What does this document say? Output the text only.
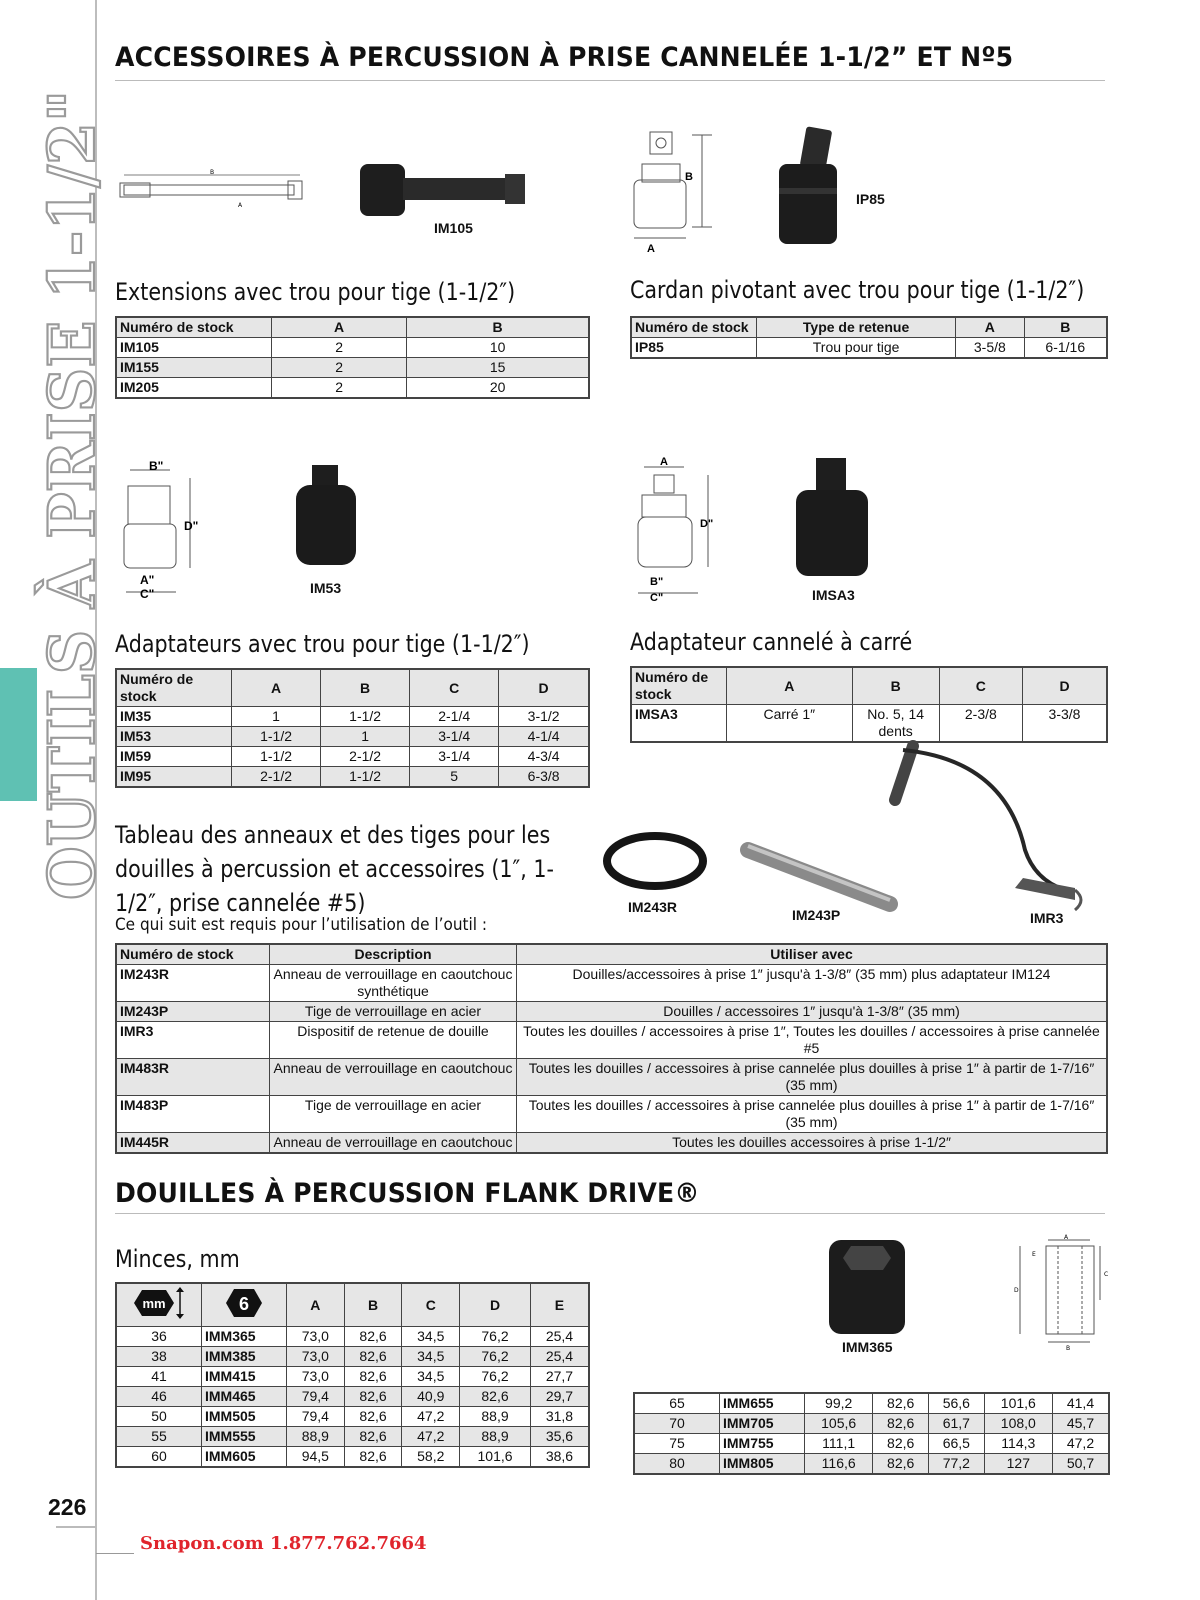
OUTILS À PRISE 1-1/2"
ACCESSOIRES À PERCUSSION À PRISE CANNELÉE 1-1/2” ET Nº5
B
A
IM105
B
A
IP85
Extensions avec trou pour tige (1-1/2″)
Numéro de stock	A	B
IM105	2	10
IM155	2	15
IM205	2	20
Cardan pivotant avec trou pour tige (1-1/2″)
Numéro de stock	Type de retenue	A	B
IP85	Trou pour tige	3-5/8	6-1/16
B"
D"
A"
C"	IM53
A
D"
B"
C"	IMSA3
Adaptateurs avec trou pour tige (1-1/2″)
Numéro de stock	A	B	C	D
IM35	1	1-1/2	2-1/4	3-1/2
IM53	1-1/2	1	3-1/4	4-1/4
IM59	1-1/2	2-1/2	3-1/4	4-3/4
IM95	2-1/2	1-1/2	5	6-3/8
Adaptateur cannelé à carré
Numéro de stock	A	B	C	D
IMSA3	Carré 1″	No. 5, 14 dents	2-3/8	3-3/8
Tableau des anneaux et des tiges pour les douilles à percussion et accessoires (1″, 1-1/2″, prise cannelée #5)
Ce qui suit est requis pour l’utilisation de l’outil :
IM243R	IM243P	IMR3
Numéro de stock	Description	Utiliser avec
IM243R	Anneau de verrouillage en caoutchouc synthétique	Douilles/accessoires à prise 1″ jusqu'à 1-3/8″ (35 mm) plus adaptateur IM124
IM243P	Tige de verrouillage en acier	Douilles / accessoires 1″ jusqu'à 1-3/8″ (35 mm)
IMR3	Dispositif de retenue de douille	Toutes les douilles / accessoires à prise 1″, Toutes les douilles / accessoires à prise cannelée #5
IM483R	Anneau de verrouillage en caoutchouc	Toutes les douilles / accessoires à prise cannelée plus douilles à prise 1″ à partir de 1-7/16″ (35 mm)
IM483P	Tige de verrouillage en acier	Toutes les douilles / accessoires à prise cannelée plus douilles à prise 1″ à partir de 1-7/16″ (35 mm)
IM445R	Anneau de verrouillage en caoutchouc	Toutes les douilles accessoires à prise 1-1/2″
DOUILLES À PERCUSSION FLANK DRIVE®
Minces, mm
mm	6	A	B	C	D	E
36	IMM365	73,0	82,6	34,5	76,2	25,4
38	IMM385	73,0	82,6	34,5	76,2	25,4
41	IMM415	73,0	82,6	34,5	76,2	27,7
46	IMM465	79,4	82,6	40,9	82,6	29,7
50	IMM505	79,4	82,6	47,2	88,9	31,8
55	IMM555	88,9	82,6	47,2	88,9	35,6
60	IMM605	94,5	82,6	58,2	101,6	38,6
IMM365
A
D
E
C
B
65	IMM655	99,2	82,6	56,6	101,6	41,4
70	IMM705	105,6	82,6	61,7	108,0	45,7
75	IMM755	111,1	82,6	66,5	114,3	47,2
80	IMM805	116,6	82,6	77,2	127	50,7
226
Snapon.com 1.877.762.7664
